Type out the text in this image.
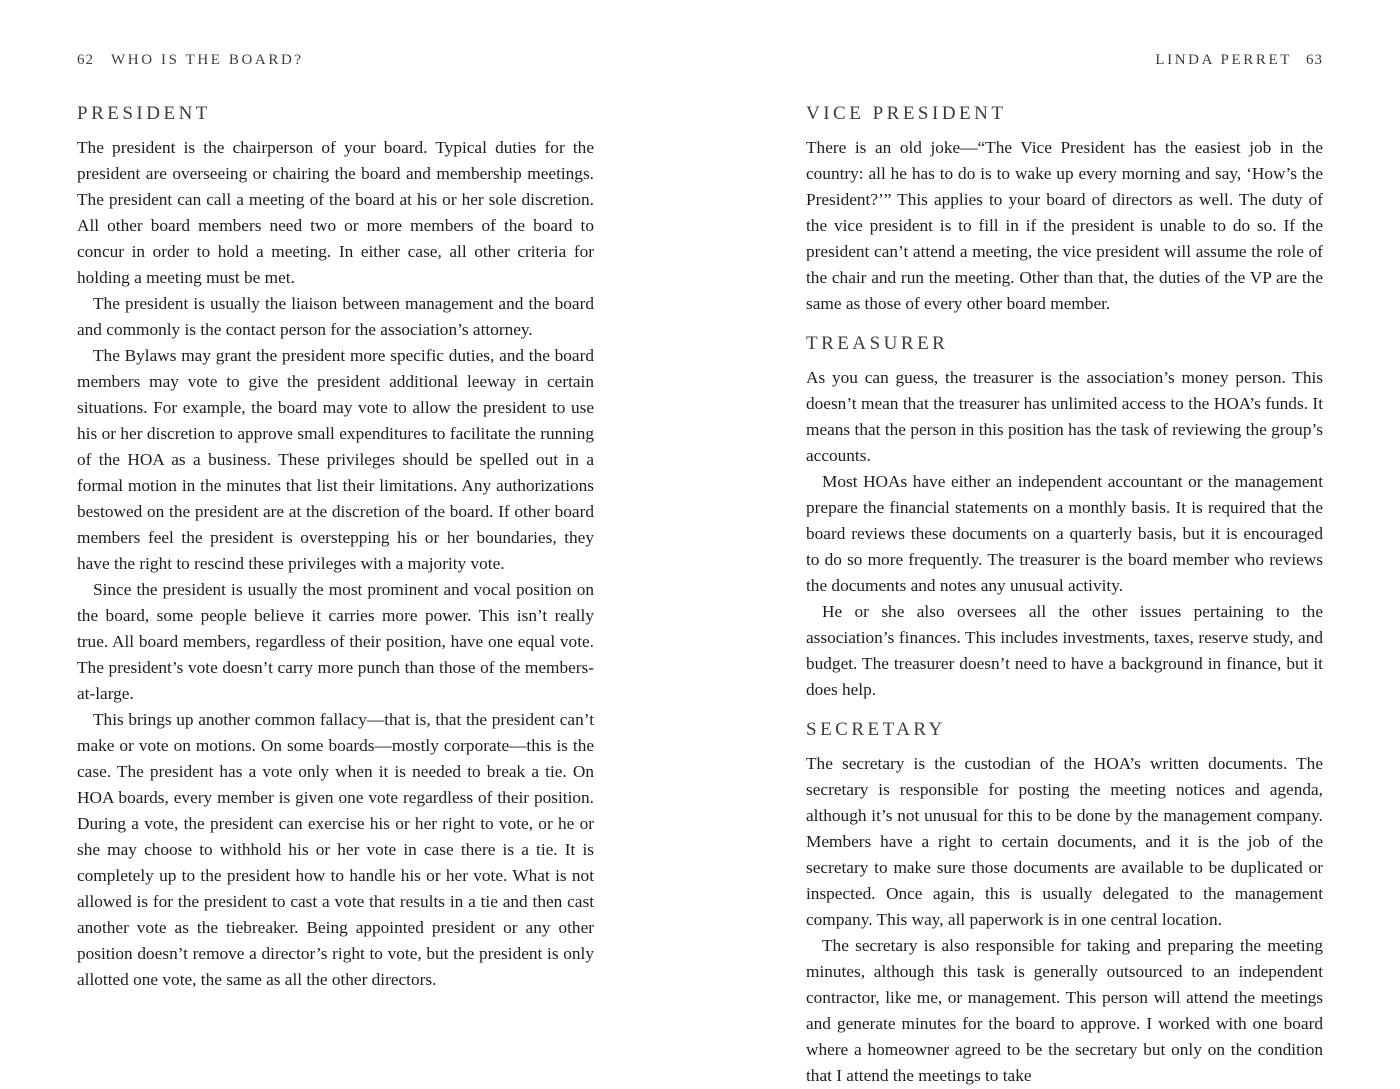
62 WHO IS THE BOARD?
PRESIDENT

The president is the chairperson of your board. Typical duties for the president are overseeing or chairing the board and membership meetings. The president can call a meeting of the board at his or her sole discretion. All other board members need two or more members of the board to concur in order to hold a meeting. In either case, all other criteria for holding a meeting must be met.

The president is usually the liaison between management and the board and commonly is the contact person for the association’s attorney.

The Bylaws may grant the president more specific duties, and the board members may vote to give the president additional leeway in certain situations. For example, the board may vote to allow the president to use his or her discretion to approve small expenditures to facilitate the running of the HOA as a business. These privileges should be spelled out in a formal motion in the minutes that list their limitations. Any authorizations bestowed on the president are at the discretion of the board. If other board members feel the president is overstepping his or her boundaries, they have the right to rescind these privileges with a majority vote.

Since the president is usually the most prominent and vocal position on the board, some people believe it carries more power. This isn’t really true. All board members, regardless of their position, have one equal vote. The president’s vote doesn’t carry more punch than those of the members-at-large.

This brings up another common fallacy—that is, that the president can’t make or vote on motions. On some boards—mostly corporate—this is the case. The president has a vote only when it is needed to break a tie. On HOA boards, every member is given one vote regardless of their position. During a vote, the president can exercise his or her right to vote, or he or she may choose to withhold his or her vote in case there is a tie. It is completely up to the president how to handle his or her vote. What is not allowed is for the president to cast a vote that results in a tie and then cast another vote as the tiebreaker. Being appointed president or any other position doesn’t remove a director’s right to vote, but the president is only allotted one vote, the same as all the other directors.

LINDA PERRET 63
VICE PRESIDENT

There is an old joke—“The Vice President has the easiest job in the country: all he has to do is to wake up every morning and say, ‘How’s the President?’” This applies to your board of directors as well. The duty of the vice president is to fill in if the president is unable to do so. If the president can’t attend a meeting, the vice president will assume the role of the chair and run the meeting. Other than that, the duties of the VP are the same as those of every other board member.

TREASURER

As you can guess, the treasurer is the association’s money person. This doesn’t mean that the treasurer has unlimited access to the HOA’s funds. It means that the person in this position has the task of reviewing the group’s accounts.

Most HOAs have either an independent accountant or the management prepare the financial statements on a monthly basis. It is required that the board reviews these documents on a quarterly basis, but it is encouraged to do so more frequently. The treasurer is the board member who reviews the documents and notes any unusual activity.

He or she also oversees all the other issues pertaining to the association’s finances. This includes investments, taxes, reserve study, and budget. The treasurer doesn’t need to have a background in finance, but it does help.

SECRETARY

The secretary is the custodian of the HOA’s written documents. The secretary is responsible for posting the meeting notices and agenda, although it’s not unusual for this to be done by the management company. Members have a right to certain documents, and it is the job of the secretary to make sure those documents are available to be duplicated or inspected. Once again, this is usually delegated to the management company. This way, all paperwork is in one central location.

The secretary is also responsible for taking and preparing the meeting minutes, although this task is generally outsourced to an independent contractor, like me, or management. This person will attend the meetings and generate minutes for the board to approve. I worked with one board where a homeowner agreed to be the secretary but only on the condition that I attend the meetings to take
